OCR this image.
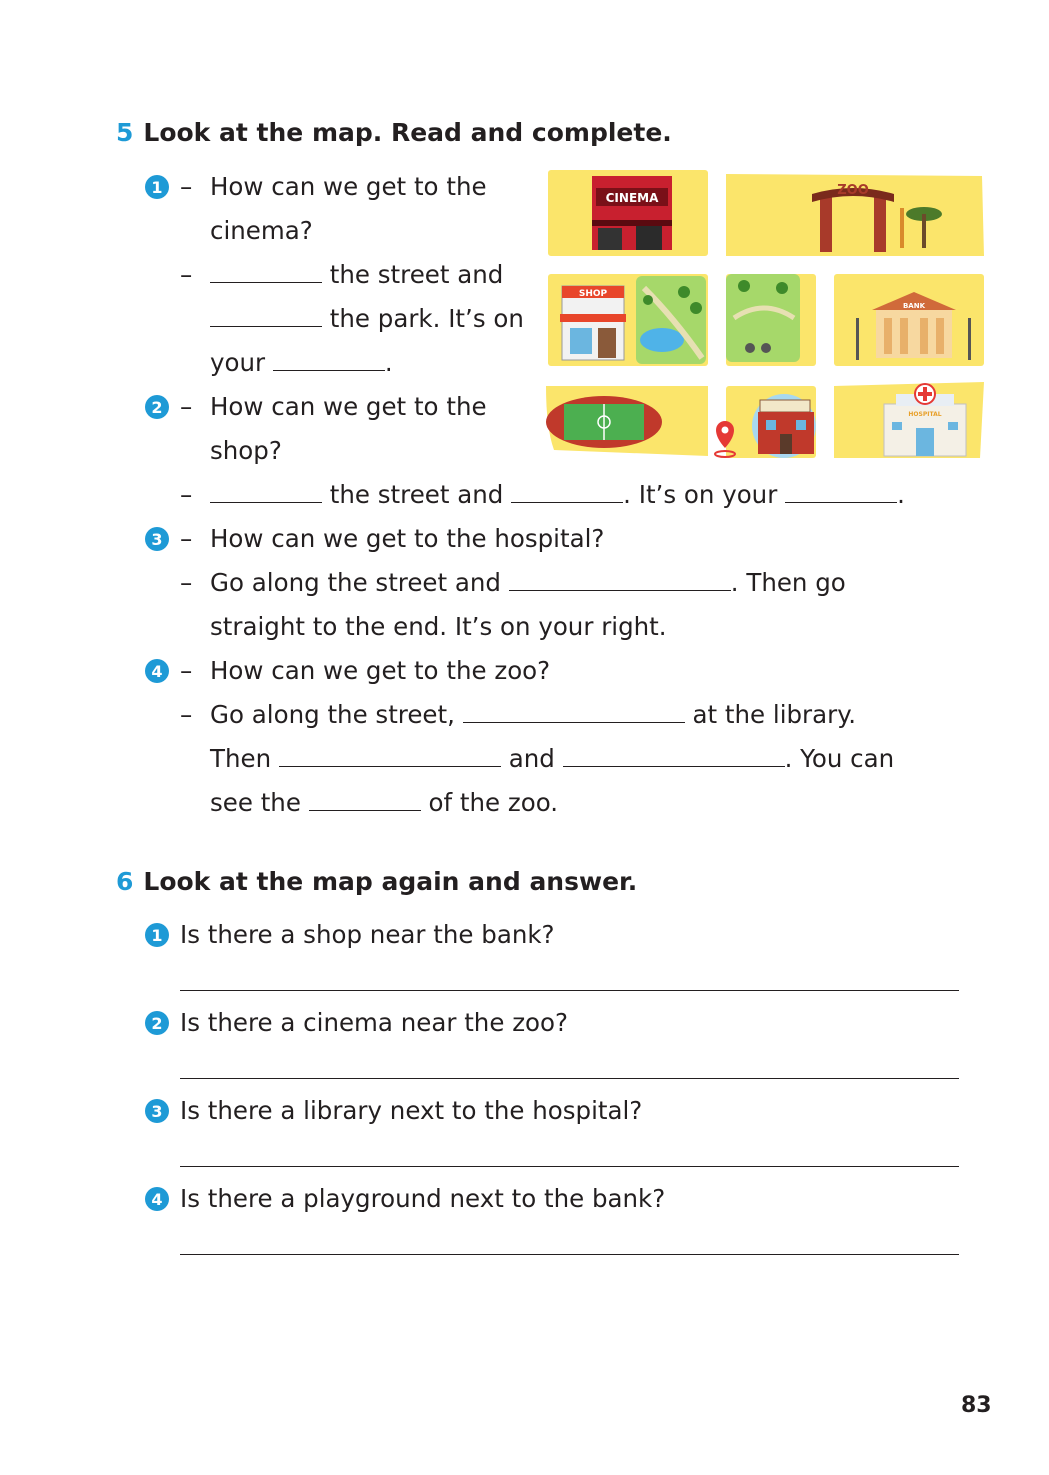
5 Look at the map. Read and complete.
1 – How can we get to the
cinema?
–	the street and
the park. It’s on
your	.
2 – How can we get to the
shop?
–	the street and	. It’s on your	.
3 – How can we get to the hospital?
– Go along the street and	. Then go
straight to the end. It’s on your right.
4 – How can we get to the zoo?
– Go along the street,	at the library.
Then	and	. You can
see the	of the zoo.
CINEMA	ZOO
SHOP
BANK
HOSPITAL
6 Look at the map again and answer.
1 Is there a shop near the bank?
2 Is there a cinema near the zoo?
3 Is there a library next to the hospital?
4 Is there a playground next to the bank?
83
